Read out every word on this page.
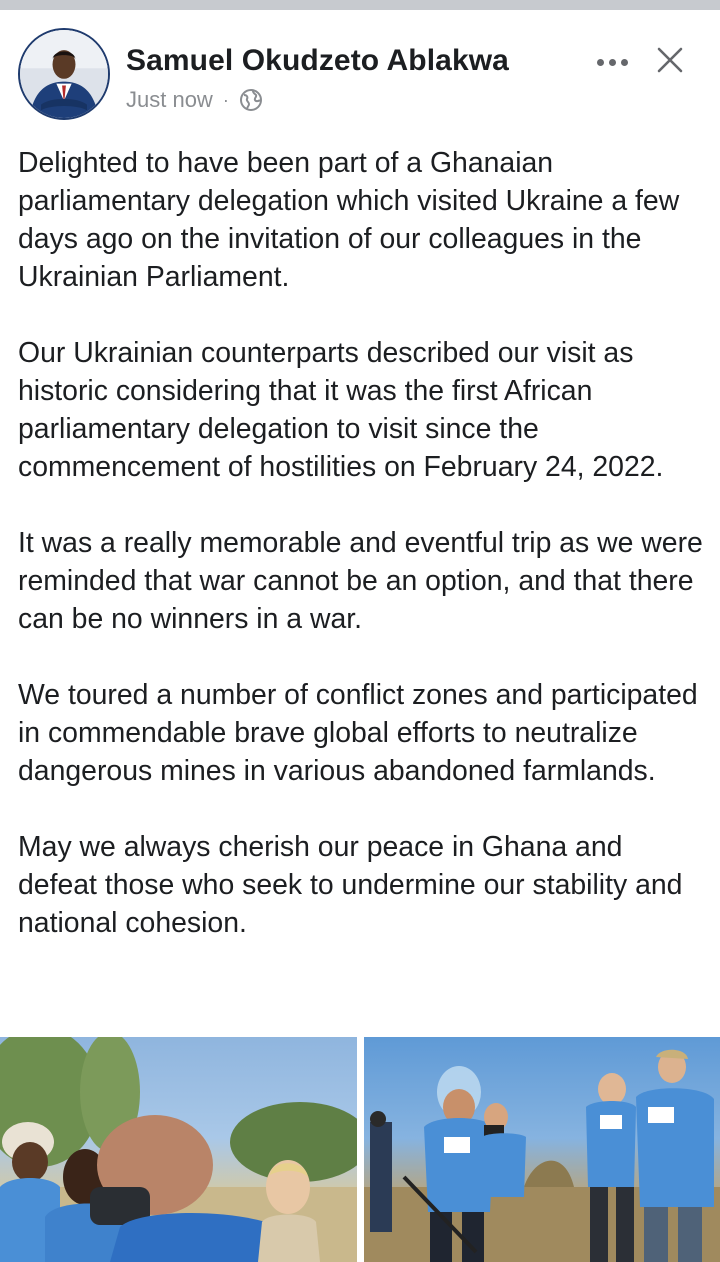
Samuel Okudzeto Ablakwa
Just now ·

Delighted to have been part of a Ghanaian parliamentary delegation which visited Ukraine a few days ago on the invitation of our colleagues in the Ukrainian Parliament.

Our Ukrainian counterparts described our visit as historic considering that it was the first African parliamentary delegation to visit since the commencement of hostilities on February 24, 2022.

It was a really memorable and eventful trip as we were reminded that war cannot be an option, and that there can be no winners in a war.

We toured a number of conflict zones and participated in commendable brave global efforts to neutralize dangerous mines in various abandoned farmlands.

May we always cherish our peace in Ghana and defeat those who seek to undermine our stability and national cohesion.
